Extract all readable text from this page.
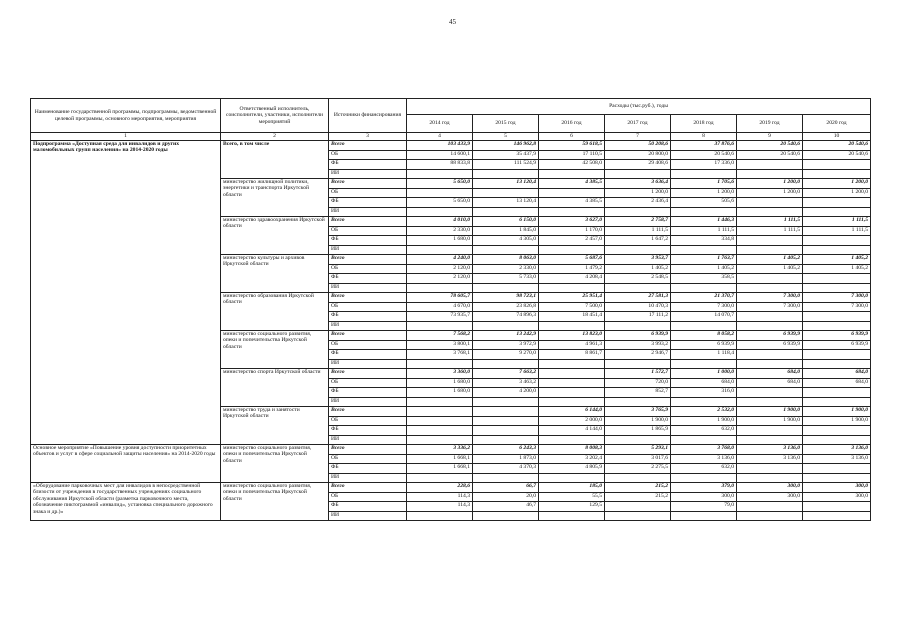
45
Наименование государственной программы, подпрограммы, ведомственной целевой программы, основного мероприятия, мероприятия	Ответственный исполнитель, соисполнители, участники, исполнители мероприятий	Источники финансирования	Расходы (тыс.руб.), годы						
			2014 год	2015 год	2016 год	2017 год	2018 год	2019 год	2020 год
1	2	3	4	5	6	7	8	9	10
Подпрограмма «Доступная среда для инвалидов и других маломобильных групп населения» на 2014-2020 годы	Всего, в том числе	Всего	103 433,9	146 962,8	59 618,5	50 208,6	37 876,6	20 540,6	20 540,6
		ОБ	14 600,1	35 437,9	17 110,5	20 800,0	20 540,6	20 540,6	20 540,6
		ФБ	88 833,8	111 524,9	42 508,0	29 408,6	17 336,0		
		ИИ							
	министерство жилищной политики, энергетики и транспорта Иркутской области	Всего	5 650,0	13 120,4	4 385,5	3 636,4	1 705,6	1 200,0	1 200,0
		ОБ				1 200,0	1 200,0	1 200,0	1 200,0
		ФБ	5 650,0	13 120,4	4 385,5	2 436,4	505,6		
		ИИ							
	министерство здравоохранения Иркутской области	Всего	4 010,0	6 150,0	3 627,0	2 758,7	1 446,3	1 111,5	1 111,5
		ОБ	2 330,0	1 845,0	1 170,0	1 111,5	1 111,5	1 111,5	1 111,5
		ФБ	1 680,0	4 305,0	2 457,0	1 647,2	334,8		
		ИИ							
	министерство культуры и архивов Иркутской области	Всего	4 240,0	8 063,0	5 687,6	3 953,7	1 763,7	1 405,2	1 405,2
		ОБ	2 120,0	2 330,0	1 479,2	1 405,2	1 405,2	1 405,2	1 405,2
		ФБ	2 120,0	5 733,0	4 208,4	2 548,5	358,5		
		ИИ							
	министерство образования Иркутской области	Всего	78 605,7	98 723,1	25 951,4	27 581,3	21 370,7	7 300,0	7 300,0
		ОБ	4 670,0	23 826,8	7 500,0	10 470,3	7 300,0	7 300,0	7 300,0
		ФБ	73 935,7	74 896,3	18 451,4	17 111,2	14 070,7		
		ИИ							
	министерство социального развития, опеки и попечительства Иркутской области	Всего	7 568,2	13 242,9	13 823,0	6 939,9	8 058,2	6 939,9	6 939,9
		ОБ	3 800,1	3 972,9	4 961,3	3 993,2	6 939,9	6 939,9	6 939,9
		ФБ	3 768,1	9 270,0	8 861,7	2 946,7	1 118,4		
		ИИ							
	министерство спорта Иркутской области	Всего	3 360,0	7 663,2		1 572,7	1 000,0	684,0	684,0
		ОБ	1 680,0	3 463,2		720,0	684,0	684,0	684,0
		ФБ	1 680,0	4 200,0		852,7	316,0		
		ИИ							
	министерство труда и занятости Иркутской области	Всего			6 144,0	3 765,9	2 532,0	1 900,0	1 900,0
		ОБ			2 000,0	1 900,0	1 900,0	1 900,0	1 900,0
		ФБ			4 144,0	1 865,9	632,0		
		ИИ							
Основное мероприятие «Повышение уровня доступности приоритетных объектов и услуг в сфере социальной защиты населения» на 2014-2020 годы	министерство социального развития, опеки и попечительства Иркутской области	Всего	3 336,2	6 243,3	8 008,3	5 293,1	3 768,0	3 136,0	3 136,0
		ОБ	1 668,1	1 873,0	3 202,4	3 017,6	3 136,0	3 136,0	3 136,0
		ФБ	1 668,1	4 370,3	4 805,9	2 275,5	632,0		
		ИИ							
«Оборудование парковочных мест для инвалидов в непосредственной близости от учреждения в государственных учреждениях социального обслуживания Иркутской области (разметка парковочного места, обозначение пиктограммой «инвалид», установка специального дорожного знака и др.)»	министерство социального развития, опеки и попечительства Иркутской области	Всего	228,6	66,7	185,0	215,2	379,0	300,0	300,0
		ОБ	114,3	20,0	55,5	215,2	300,0	300,0	300,0
		ФБ	114,3	46,7	129,5		79,0		
		ИИ							
